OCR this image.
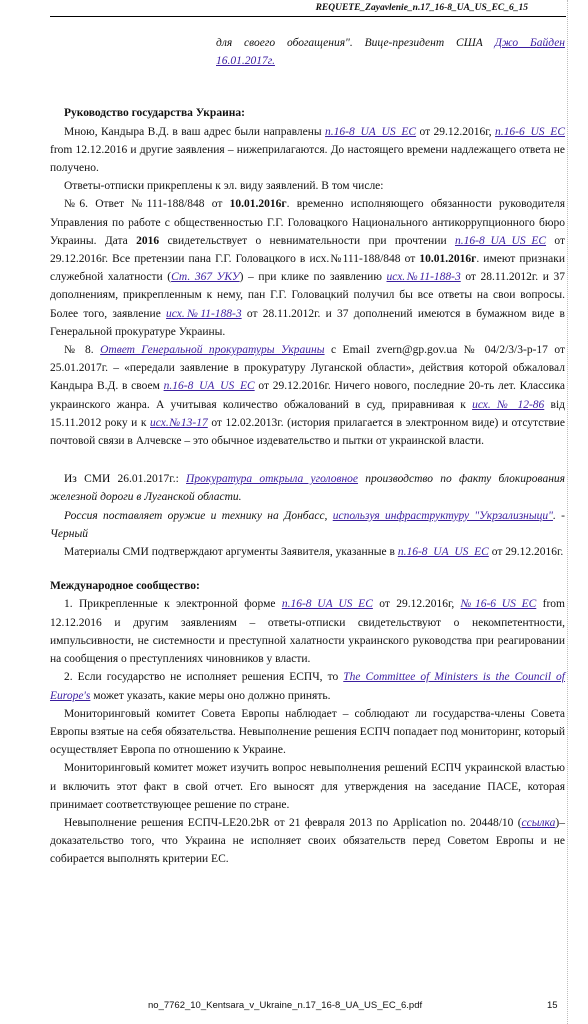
REQUETE_Zayavlenie_n.17_16-8_UA_US_EC_6_15

для своего обогащения". Вице-президент США Джо Байден 16.01.2017г.

Руководство государства Украина:

Мною, Кандыра В.Д. в ваш адрес были направлены п.16-8_UA_US_EC от 29.12.2016г, п.16-6_US_EC from 12.12.2016 и другие заявления – нижеприлагаются. До настоящего времени надлежащего ответа не получено.

Ответы-отписки прикреплены к эл. виду заявлений. В том числе:

№6. Ответ №111-188/848 от 10.01.2016г. временно исполняющего обязанности руководителя Управления по работе с общественностью Г.Г. Головацкого Национального антикоррупционного бюро Украины. Дата 2016 свидетельствует о невнимательности при прочтении п.16-8_UA_US_EC от 29.12.2016г. Все претензии пана Г.Г. Головацкого в исх.№111-188/848 от 10.01.2016г. имеют признаки служебной халатности (Ст. 367 УКУ) – при клике по заявлению исх.№11-188-3 от 28.11.2012г. и 37 дополнениям, прикрепленным к нему, пан Г.Г. Головацкий получил бы все ответы на свои вопросы. Более того, заявление исх.№11-188-3 от 28.11.2012г. и 37 дополнений имеются в бумажном виде в Генеральной прокуратуре Украины.

№ 8. Ответ Генеральной прокуратуры Украины с Email zvern@gp.gov.ua № 04/2/3/3-р-17 от 25.01.2017г. – «передали заявление в прокуратуру Луганской области», действия которой обжаловал Кандыра В.Д. в своем п.16-8_UA_US_EC от 29.12.2016г. Ничего нового, последние 20-ть лет. Классика украинского жанра. А учитывая количество обжалований в суд, приравнивая к исх. № 12-86 від 15.11.2012 року и к исх.№13-17 от 12.02.2013г. (история прилагается в электронном виде) и отсутствие почтовой связи в Алчевске – это обычное издевательство и пытки от украинской власти.

Из СМИ 26.01.2017г.: Прокуратура открыла уголовное производство по факту блокирования железной дороги в Луганской области.

Россия поставляет оружие и технику на Донбасс, используя инфраструктуру "Укрзализныци". - Черный

Материалы СМИ подтверждают аргументы Заявителя, указанные в п.16-8_UA_US_EC от 29.12.2016г.

Международное сообщество:

1. Прикрепленные к электронной форме п.16-8_UA_US_EC от 29.12.2016г, №16-6_US_EC from 12.12.2016 и другим заявлениям – ответы-отписки свидетельствуют о некомпетентности, импульсивности, не системности и преступной халатности украинского руководства при реагировании на сообщения о преступлениях чиновников у власти.

2. Если государство не исполняет решения ЕСПЧ, то The Committee of Ministers is the Council of Europe's может указать, какие меры оно должно принять.

Мониторинговый комитет Совета Европы наблюдает – соблюдают ли государства-члены Совета Европы взятые на себя обязательства. Невыполнение решения ЕСПЧ попадает под мониторинг, который осуществляет Европа по отношению к Украине.

Мониторинговый комитет может изучить вопрос невыполнения решений ЕСПЧ украинской властью и включить этот факт в свой отчет. Его выносят для утверждения на заседание ПАСЕ, которая принимает соответствующее решение по стране.

Невыполнение решения ЕСПЧ-LE20.2bR от 21 февраля 2013 по Application no. 20448/10 (ссылка)– доказательство того, что Украина не исполняет своих обязательств перед Советом Европы и не собирается выполнять критерии ЕС.

no_7762_10_Kentsara_v_Ukraine_n.17_16-8_UA_US_EC_6.pdf	15
